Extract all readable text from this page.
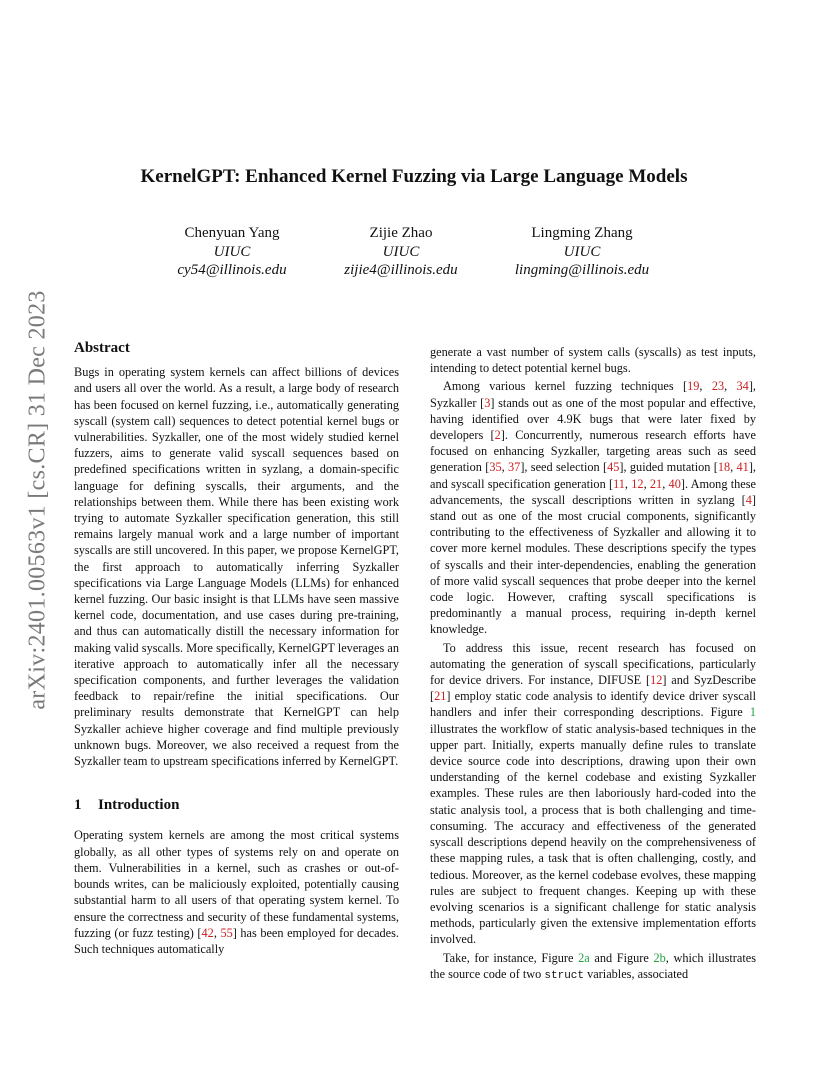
arXiv:2401.00563v1 [cs.CR] 31 Dec 2023
KernelGPT: Enhanced Kernel Fuzzing via Large Language Models
Chenyuan Yang
UIUC
cy54@illinois.edu
Zijie Zhao
UIUC
zijie4@illinois.edu
Lingming Zhang
UIUC
lingming@illinois.edu
Abstract

Bugs in operating system kernels can affect billions of devices and users all over the world. As a result, a large body of research has been focused on kernel fuzzing, i.e., automatically generating syscall (system call) sequences to detect potential kernel bugs or vulnerabilities. Syzkaller, one of the most widely studied kernel fuzzers, aims to generate valid syscall sequences based on predefined specifications written in syzlang, a domain-specific language for defining syscalls, their arguments, and the relationships between them. While there has been existing work trying to automate Syzkaller specification generation, this still remains largely manual work and a large number of important syscalls are still uncovered. In this paper, we propose KernelGPT, the first approach to automatically inferring Syzkaller specifications via Large Language Models (LLMs) for enhanced kernel fuzzing. Our basic insight is that LLMs have seen massive kernel code, documentation, and use cases during pre-training, and thus can automatically distill the necessary information for making valid syscalls. More specifically, KernelGPT leverages an iterative approach to automatically infer all the necessary specification components, and further leverages the validation feedback to repair/refine the initial specifications. Our preliminary results demonstrate that KernelGPT can help Syzkaller achieve higher coverage and find multiple previously unknown bugs. Moreover, we also received a request from the Syzkaller team to upstream specifications inferred by KernelGPT.

1 Introduction

Operating system kernels are among the most critical systems globally, as all other types of systems rely on and operate on them. Vulnerabilities in a kernel, such as crashes or out-of-bounds writes, can be maliciously exploited, potentially causing substantial harm to all users of that operating system kernel. To ensure the correctness and security of these fundamental systems, fuzzing (or fuzz testing) [42, 55] has been employed for decades. Such techniques automatically

generate a vast number of system calls (syscalls) as test inputs, intending to detect potential kernel bugs.

Among various kernel fuzzing techniques [19, 23, 34], Syzkaller [3] stands out as one of the most popular and effective, having identified over 4.9K bugs that were later fixed by developers [2]. Concurrently, numerous research efforts have focused on enhancing Syzkaller, targeting areas such as seed generation [35, 37], seed selection [45], guided mutation [18, 41], and syscall specification generation [11, 12, 21, 40]. Among these advancements, the syscall descriptions written in syzlang [4] stand out as one of the most crucial components, significantly contributing to the effectiveness of Syzkaller and allowing it to cover more kernel modules. These descriptions specify the types of syscalls and their inter-dependencies, enabling the generation of more valid syscall sequences that probe deeper into the kernel code logic. However, crafting syscall specifications is predominantly a manual process, requiring in-depth kernel knowledge.

To address this issue, recent research has focused on automating the generation of syscall specifications, particularly for device drivers. For instance, DIFUSE [12] and SyzDescribe [21] employ static code analysis to identify device driver syscall handlers and infer their corresponding descriptions. Figure 1 illustrates the workflow of static analysis-based techniques in the upper part. Initially, experts manually define rules to translate device source code into descriptions, drawing upon their own understanding of the kernel codebase and existing Syzkaller examples. These rules are then laboriously hard-coded into the static analysis tool, a process that is both challenging and time-consuming. The accuracy and effectiveness of the generated syscall descriptions depend heavily on the comprehensiveness of these mapping rules, a task that is often challenging, costly, and tedious. Moreover, as the kernel codebase evolves, these mapping rules are subject to frequent changes. Keeping up with these evolving scenarios is a significant challenge for static analysis methods, particularly given the extensive implementation efforts involved.

Take, for instance, Figure 2a and Figure 2b, which illustrates the source code of two struct variables, associated
